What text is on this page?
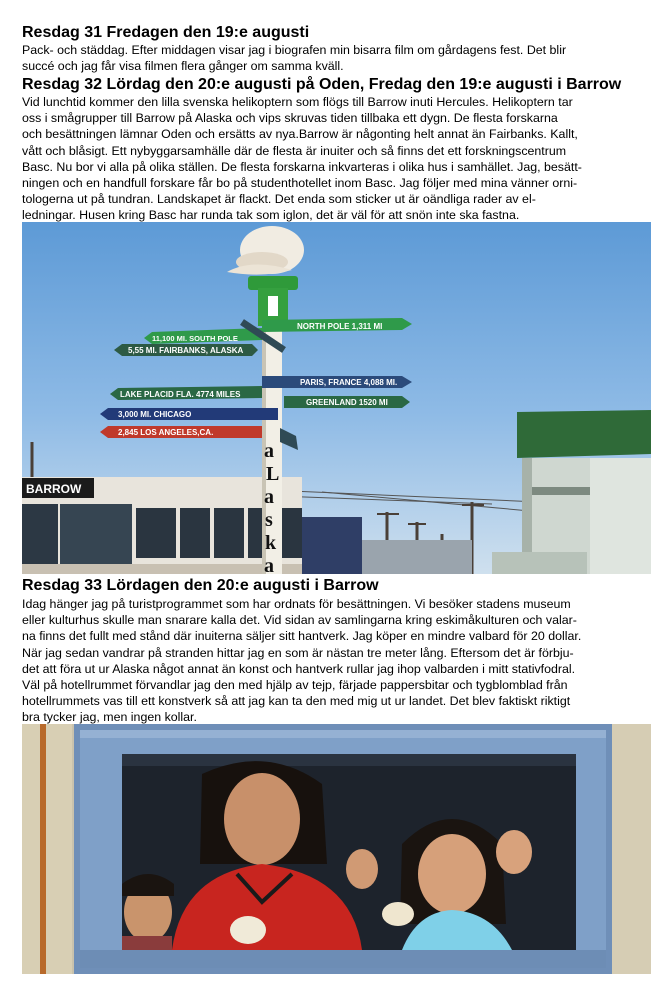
Resdag 31 Fredagen den 19:e augusti
Pack- och städdag. Efter middagen visar jag i biografen min bisarra film om gårdagens fest. Det blir
succé och jag får visa filmen flera gånger om samma kväll.
Resdag 32 Lördag den 20:e augusti på Oden, Fredag den 19:e augusti i Barrow
Vid lunchtid kommer den lilla svenska helikoptern som flögs till Barrow inuti Hercules. Helikoptern tar
oss i smågrupper till Barrow på Alaska och vips skruvas tiden tillbaka ett dygn. De flesta forskarna
och besättningen lämnar Oden och ersätts av nya.Barrow är någonting helt annat än Fairbanks. Kallt,
vått och blåsigt. Ett nybyggarsamhälle där de flesta är inuiter och så finns det ett forskningscentrum
Basc. Nu bor vi alla på olika ställen. De flesta forskarna inkvarteras i olika hus i samhället. Jag, besätt-
ningen och en handfull forskare får bo på studenthotellet inom Basc. Jag följer med mina vänner orni-
tologerna ut på tundran. Landskapet är flackt. Det enda som sticker ut är oändliga rader av el-
ledningar. Husen kring Basc har runda tak som iglon, det är väl för att snön inte ska fastna.
BARROW
NORTH POLE 1,311 MI
11,100 MI. SOUTH POLE
5,55 MI. FAIRBANKS, ALASKA
PARIS, FRANCE 4,088 MI.
LAKE PLACID FLA. 4774 MILES
GREENLAND 1520 MI
3,000 MI. CHICAGO
2,845 LOS ANGELES,CA.
a
L
a
s
k
a
Resdag 33 Lördagen den 20:e augusti i Barrow
Idag hänger jag på turistprogrammet som har ordnats för besättningen. Vi besöker stadens museum
eller kulturhus skulle man snarare kalla det. Vid sidan av samlingarna kring eskimåkulturen och valar-
na finns det fullt med stånd där inuiterna säljer sitt hantverk. Jag köper en mindre valbard för 20 dollar.
När jag sedan vandrar på stranden hittar jag en som är nästan tre meter lång. Eftersom det är förbju-
det att föra ut ur Alaska något annat än konst och hantverk rullar jag ihop valbarden i mitt stativfodral.
Väl på hotellrummet förvandlar jag den med hjälp av tejp, färjade pappersbitar och tygblomblad från
hotellrummets vas till ett konstverk så att jag kan ta den med mig ut ur landet. Det blev faktiskt riktigt
bra tycker jag, men ingen kollar.
